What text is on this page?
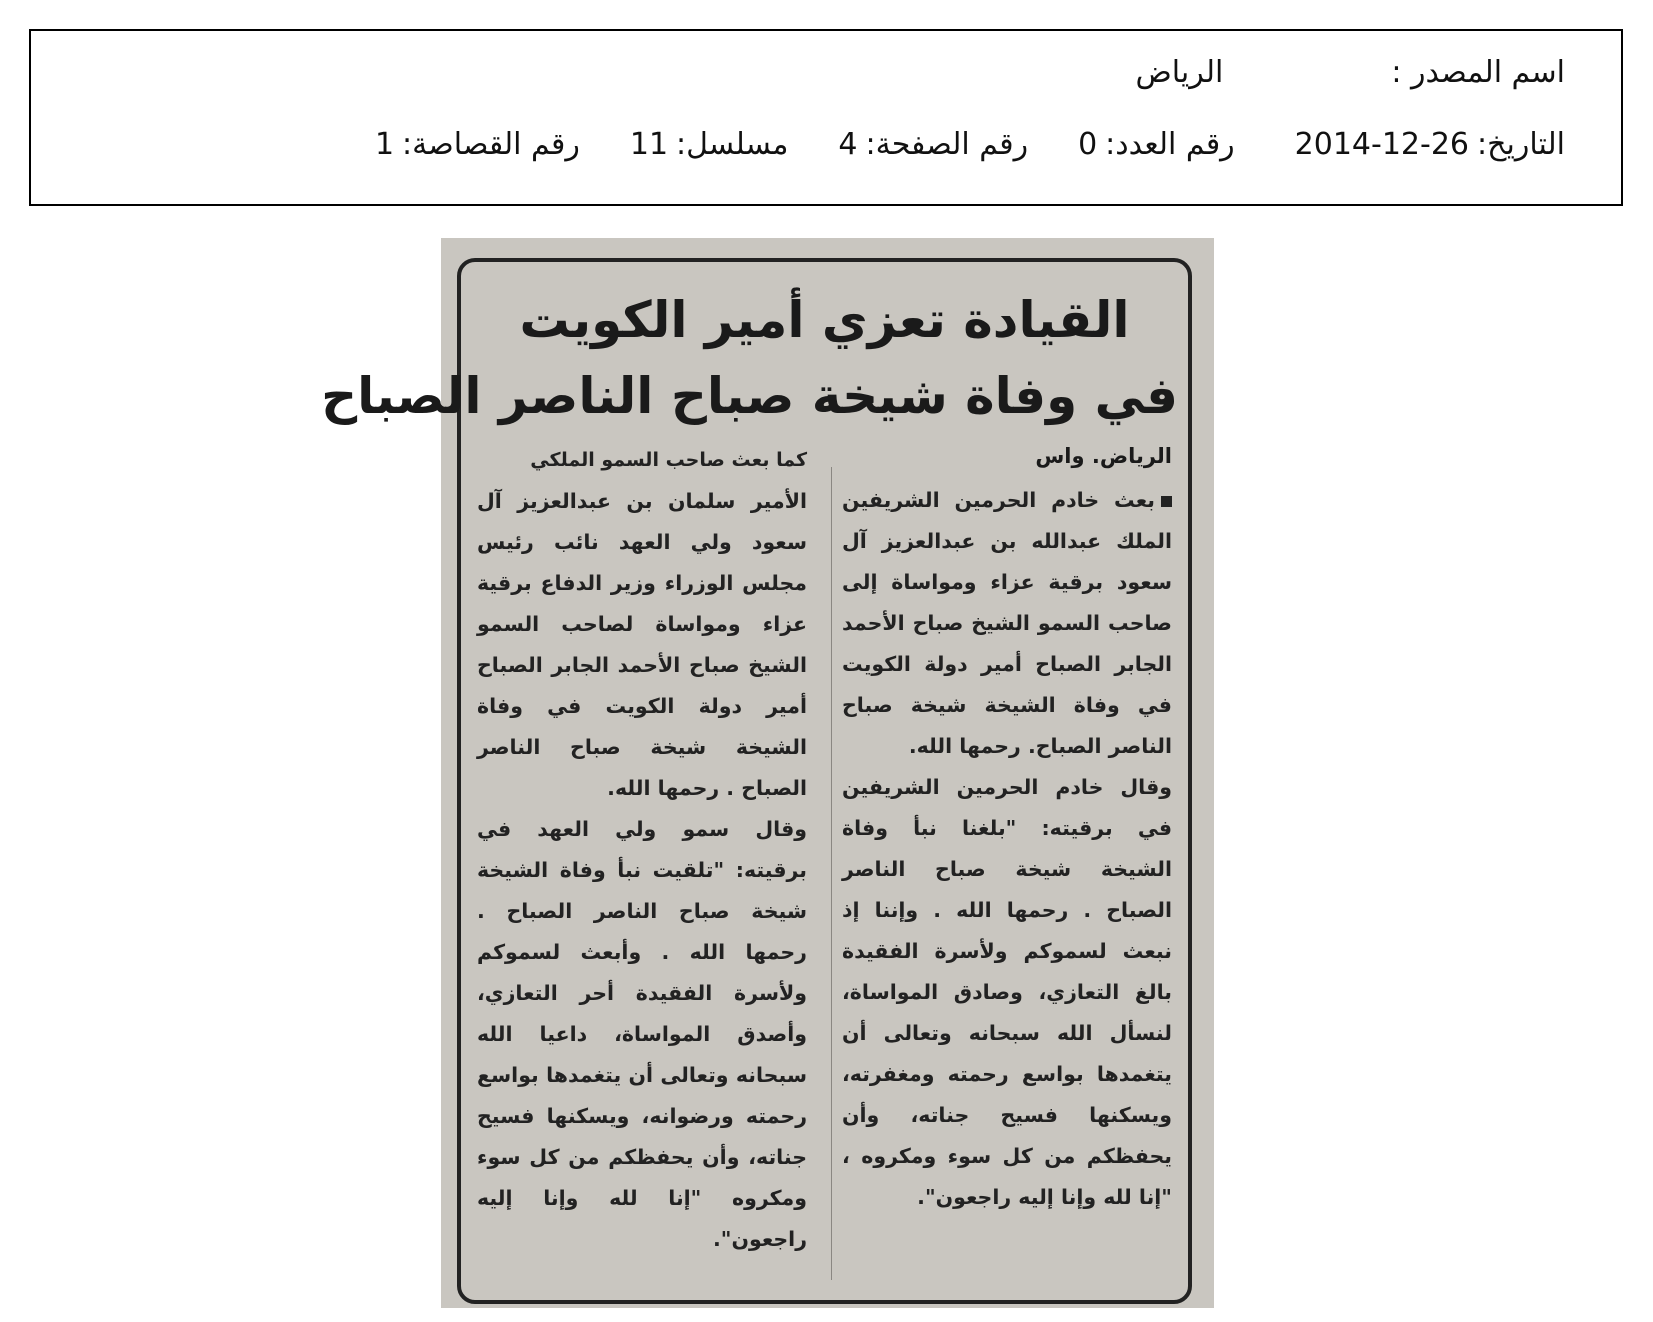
اسم المصدر :
الرياض
التاريخ:
2014-12-26
رقم العدد:
0
رقم الصفحة:
4
مسلسل:
11
رقم القصاصة:
1
القيادة تعزي أمير الكويت
في وفاة شيخة صباح الناصر الصباح
الرياض. واس

بعث خادم الحرمين الشريفين الملك عبدالله بن عبدالعزيز آل سعود برقية عزاء ومواساة إلى صاحب السمو الشيخ صباح الأحمد الجابر الصباح أمير دولة الكويت في وفاة الشيخة شيخة صباح الناصر الصباح. رحمها الله.

وقال خادم الحرمين الشريفين في برقيته: "بلغنا نبأ وفاة الشيخة شيخة صباح الناصر الصباح . رحمها الله . وإننا إذ نبعث لسموكم ولأسرة الفقيدة بالغ التعازي، وصادق المواساة، لنسأل الله سبحانه وتعالى أن يتغمدها بواسع رحمته ومغفرته، ويسكنها فسيح جناته، وأن يحفظكم من كل سوء ومكروه ، "إنا لله وإنا إليه راجعون".

كما بعث صاحب السمو الملكي

الأمير سلمان بن عبدالعزيز آل سعود ولي العهد نائب رئيس مجلس الوزراء وزير الدفاع برقية عزاء ومواساة لصاحب السمو الشيخ صباح الأحمد الجابر الصباح أمير دولة الكويت في وفاة الشيخة شيخة صباح الناصر الصباح . رحمها الله.

وقال سمو ولي العهد في برقيته: "تلقيت نبأ وفاة الشيخة شيخة صباح الناصر الصباح . رحمها الله . وأبعث لسموكم ولأسرة الفقيدة أحر التعازي، وأصدق المواساة، داعيا الله سبحانه وتعالى أن يتغمدها بواسع رحمته ورضوانه، ويسكنها فسيح جناته، وأن يحفظكم من كل سوء ومكروه "إنا لله وإنا إليه راجعون".
